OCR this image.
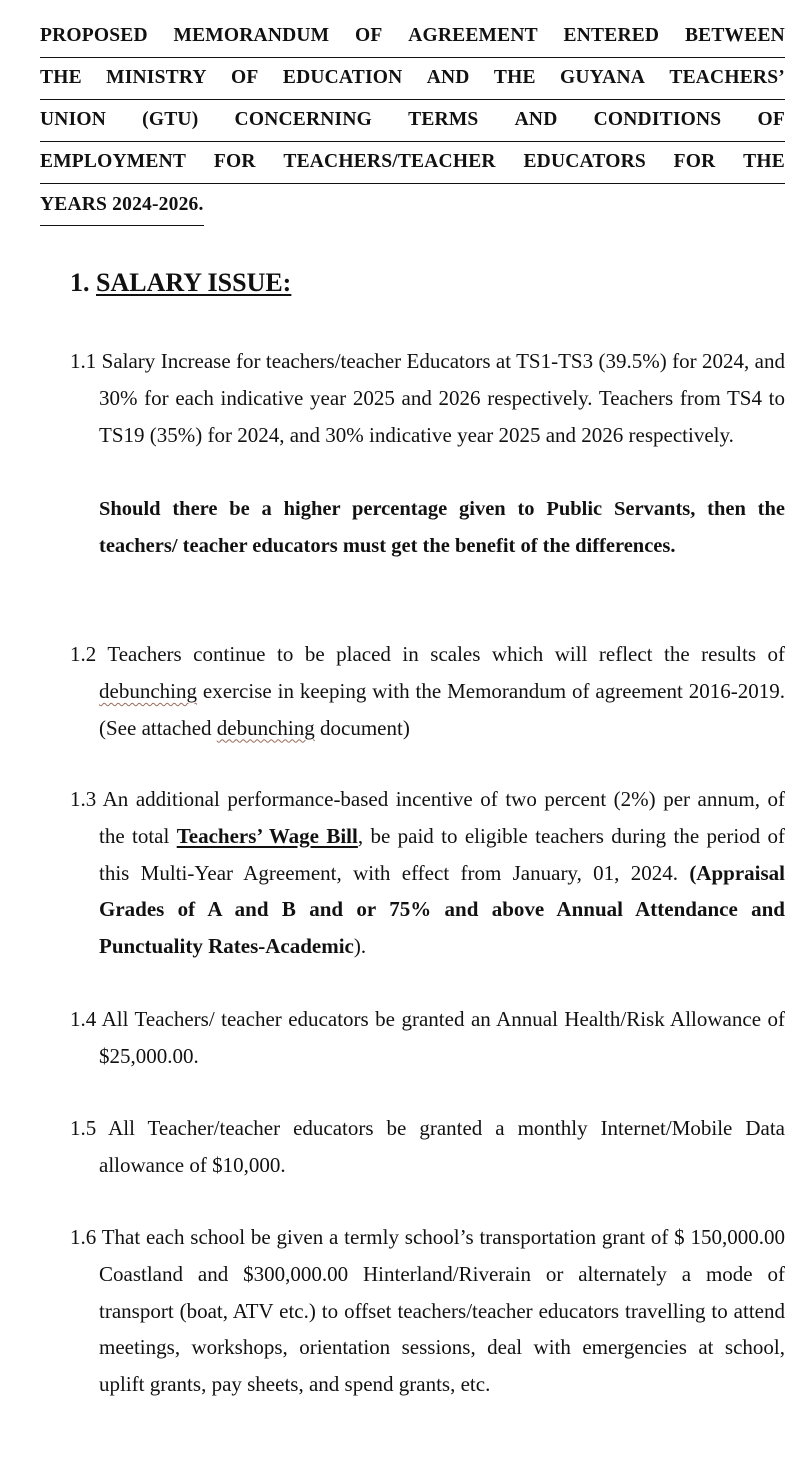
PROPOSED MEMORANDUM OF AGREEMENT ENTERED BETWEEN
THE MINISTRY OF EDUCATION AND THE GUYANA TEACHERS’
UNION (GTU) CONCERNING TERMS AND CONDITIONS OF
EMPLOYMENT FOR TEACHERS/TEACHER EDUCATORS FOR THE
YEARS 2024-2026.
1. SALARY ISSUE:
1.1 Salary Increase for teachers/teacher Educators at TS1-TS3 (39.5%) for 2024, and 30% for each indicative year 2025 and 2026 respectively. Teachers from TS4 to TS19 (35%) for 2024, and 30% indicative year 2025 and 2026 respectively.
Should there be a higher percentage given to Public Servants, then the teachers/ teacher educators must get the benefit of the differences.
1.2 Teachers continue to be placed in scales which will reflect the results of debunching exercise in keeping with the Memorandum of agreement 2016-2019. (See attached debunching document)
1.3 An additional performance-based incentive of two percent (2%) per annum, of the total Teachers’ Wage Bill, be paid to eligible teachers during the period of this Multi-Year Agreement, with effect from January, 01, 2024. (Appraisal Grades of A and B and or 75% and above Annual Attendance and Punctuality Rates-Academic).
1.4 All Teachers/ teacher educators be granted an Annual Health/Risk Allowance of $25,000.00.
1.5 All Teacher/teacher educators be granted a monthly Internet/Mobile Data allowance of $10,000.
1.6 That each school be given a termly school’s transportation grant of $ 150,000.00 Coastland and $300,000.00 Hinterland/Riverain or alternately a mode of transport (boat, ATV etc.) to offset teachers/teacher educators travelling to attend meetings, workshops, orientation sessions, deal with emergencies at school, uplift grants, pay sheets, and spend grants, etc.
